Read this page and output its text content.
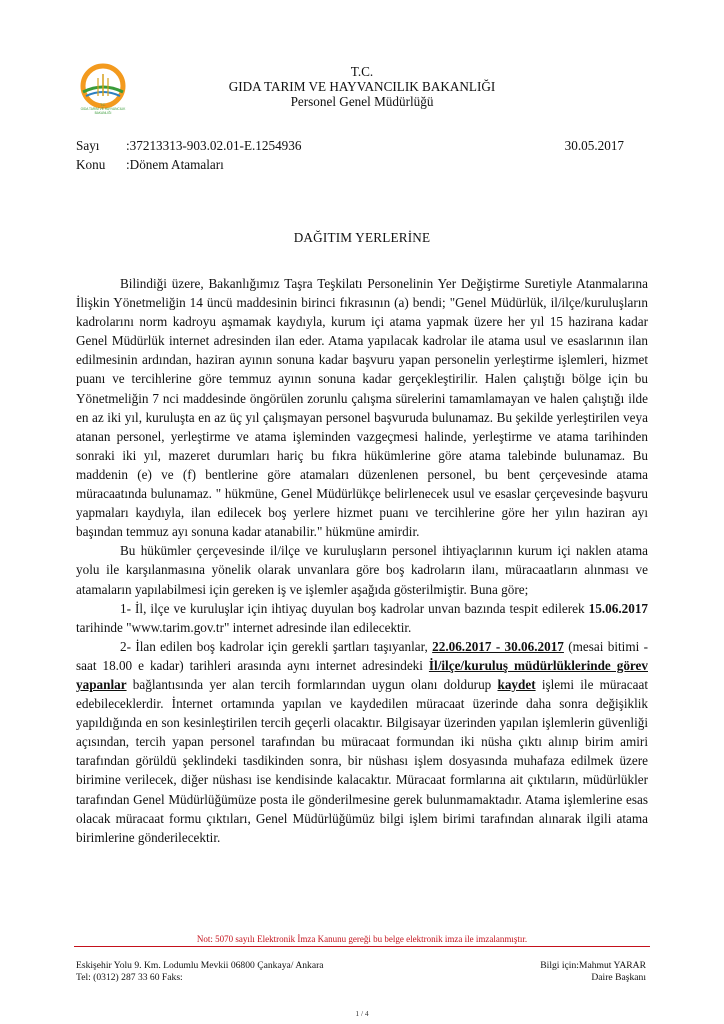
T.C.
GIDA TARIM VE HAYVANCILIK
BAKANLIĞI
T.C.
GIDA TARIM VE HAYVANCILIK BAKANLIĞI
Personel Genel Müdürlüğü
Sayı :37213313-903.02.01-E.1254936
Konu :Dönem Atamaları
30.05.2017
DAĞITIM YERLERİNE

Bilindiği üzere, Bakanlığımız Taşra Teşkilatı Personelinin Yer Değiştirme Suretiyle Atanmalarına İlişkin Yönetmeliğin 14 üncü maddesinin birinci fıkrasının (a) bendi; "Genel Müdürlük, il/ilçe/kuruluşların kadrolarını norm kadroyu aşmamak kaydıyla, kurum içi atama yapmak üzere her yıl 15 hazirana kadar Genel Müdürlük internet adresinden ilan eder. Atama yapılacak kadrolar ile atama usul ve esaslarının ilan edilmesinin ardından, haziran ayının sonuna kadar başvuru yapan personelin yerleştirme işlemleri, hizmet puanı ve tercihlerine göre temmuz ayının sonuna kadar gerçekleştirilir. Halen çalıştığı bölge için bu Yönetmeliğin 7 nci maddesinde öngörülen zorunlu çalışma sürelerini tamamlamayan ve halen çalıştığı ilde en az iki yıl, kuruluşta en az üç yıl çalışmayan personel başvuruda bulunamaz. Bu şekilde yerleştirilen veya atanan personel, yerleştirme ve atama işleminden vazgeçmesi halinde, yerleştirme ve atama tarihinden sonraki iki yıl, mazeret durumları hariç bu fıkra hükümlerine göre atama talebinde bulunamaz. Bu maddenin (e) ve (f) bentlerine göre atamaları düzenlenen personel, bu bent çerçevesinde atama müracaatında bulunamaz. " hükmüne, Genel Müdürlükçe belirlenecek usul ve esaslar çerçevesinde başvuru yapmaları kaydıyla, ilan edilecek boş yerlere hizmet puanı ve tercihlerine göre her yılın haziran ayı başından temmuz ayı sonuna kadar atanabilir." hükmüne amirdir.

Bu hükümler çerçevesinde il/ilçe ve kuruluşların personel ihtiyaçlarının kurum içi naklen atama yolu ile karşılanmasına yönelik olarak unvanlara göre boş kadroların ilanı, müracaatların alınması ve atamaların yapılabilmesi için gereken iş ve işlemler aşağıda gösterilmiştir. Buna göre;

1- İl, ilçe ve kuruluşlar için ihtiyaç duyulan boş kadrolar unvan bazında tespit edilerek 15.06.2017 tarihinde "www.tarim.gov.tr" internet adresinde ilan edilecektir.

2- İlan edilen boş kadrolar için gerekli şartları taşıyanlar, 22.06.2017 - 30.06.2017 (mesai bitimi - saat 18.00 e kadar) tarihleri arasında aynı internet adresindeki İl/ilçe/kuruluş müdürlüklerinde görev yapanlar bağlantısında yer alan tercih formlarından uygun olanı doldurup kaydet işlemi ile müracaat edebileceklerdir. İnternet ortamında yapılan ve kaydedilen müracaat üzerinde daha sonra değişiklik yapıldığında en son kesinleştirilen tercih geçerli olacaktır. Bilgisayar üzerinden yapılan işlemlerin güvenliği açısından, tercih yapan personel tarafından bu müracaat formundan iki nüsha çıktı alınıp birim amiri tarafından görüldü şeklindeki tasdikinden sonra, bir nüshası işlem dosyasında muhafaza edilmek üzere birimine verilecek, diğer nüshası ise kendisinde kalacaktır. Müracaat formlarına ait çıktıların, müdürlükler tarafından Genel Müdürlüğümüze posta ile gönderilmesine gerek bulunmamaktadır. Atama işlemlerine esas olacak müracaat formu çıktıları, Genel Müdürlüğümüz bilgi işlem birimi tarafından alınarak ilgili atama birimlerine gönderilecektir.

Not: 5070 sayılı Elektronik İmza Kanunu gereği bu belge elektronik imza ile imzalanmıştır.
Eskişehir Yolu 9. Km. Lodumlu Mevkii 06800 Çankaya/ Ankara
Tel: (0312) 287 33 60 Faks:
Bilgi için:Mahmut YARAR
Daire Başkanı
1 / 4
